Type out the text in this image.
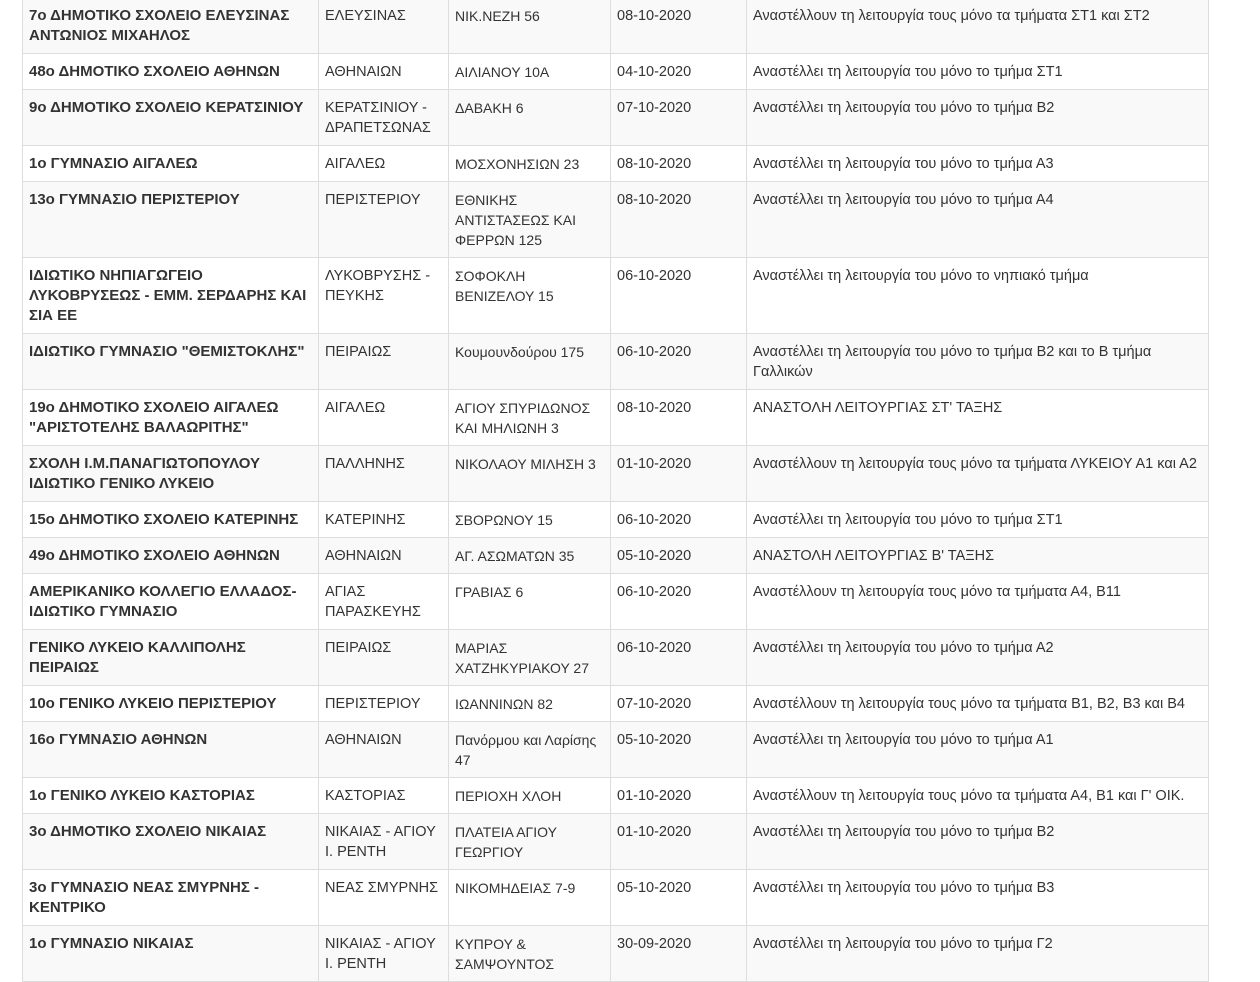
7ο ΔΗΜΟΤΙΚΟ ΣΧΟΛΕΙΟ ΕΛΕΥΣΙΝΑΣ ΑΝΤΩΝΙΟΣ ΜΙΧΑΗΛΟΣ	ΕΛΕΥΣΙΝΑΣ	ΝΙΚ.ΝΕΖΗ 56	08-10-2020	Αναστέλλουν τη λειτουργία τους μόνο τα τμήματα ΣΤ1 και ΣΤ2
48ο ΔΗΜΟΤΙΚΟ ΣΧΟΛΕΙΟ ΑΘΗΝΩΝ	ΑΘΗΝΑΙΩΝ	ΑΙΛΙΑΝΟΥ 10Α	04-10-2020	Αναστέλλει τη λειτουργία του μόνο το τμήμα ΣΤ1
9ο ΔΗΜΟΤΙΚΟ ΣΧΟΛΕΙΟ ΚΕΡΑΤΣΙΝΙΟΥ	ΚΕΡΑΤΣΙΝΙΟΥ - ΔΡΑΠΕΤΣΩΝΑΣ	ΔΑΒΑΚΗ 6	07-10-2020	Αναστέλλει τη λειτουργία του μόνο το τμήμα Β2
1ο ΓΥΜΝΑΣΙΟ ΑΙΓΑΛΕΩ	ΑΙΓΑΛΕΩ	ΜΟΣΧΟΝΗΣΙΩΝ 23	08-10-2020	Αναστέλλει τη λειτουργία του μόνο το τμήμα Α3
13ο ΓΥΜΝΑΣΙΟ ΠΕΡΙΣΤΕΡΙΟΥ	ΠΕΡΙΣΤΕΡΙΟΥ	ΕΘΝΙΚΗΣ ΑΝΤΙΣΤΑΣΕΩΣ ΚΑΙ ΦΕΡΡΩΝ 125	08-10-2020	Αναστέλλει τη λειτουργία του μόνο το τμήμα Α4
ΙΔΙΩΤΙΚΟ ΝΗΠΙΑΓΩΓΕΙΟ ΛΥΚΟΒΡΥΣΕΩΣ - ΕΜΜ. ΣΕΡΔΑΡΗΣ ΚΑΙ ΣΙΑ ΕΕ	ΛΥΚΟΒΡΥΣΗΣ - ΠΕΥΚΗΣ	ΣΟΦΟΚΛΗ ΒΕΝΙΖΕΛΟΥ 15	06-10-2020	Αναστέλλει τη λειτουργία του μόνο το νηπιακό τμήμα
ΙΔΙΩΤΙΚΟ ΓΥΜΝΑΣΙΟ "ΘΕΜΙΣΤΟΚΛΗΣ"	ΠΕΙΡΑΙΩΣ	Κουμουνδούρου 175	06-10-2020	Αναστέλλει τη λειτουργία του μόνο το τμήμα Β2 και το Β τμήμα Γαλλικών
19ο ΔΗΜΟΤΙΚΟ ΣΧΟΛΕΙΟ ΑΙΓΑΛΕΩ "ΑΡΙΣΤΟΤΕΛΗΣ ΒΑΛΑΩΡΙΤΗΣ"	ΑΙΓΑΛΕΩ	ΑΓΙΟΥ ΣΠΥΡΙΔΩΝΟΣ ΚΑΙ ΜΗΛΙΩΝΗ 3	08-10-2020	ΑΝΑΣΤΟΛΗ ΛΕΙΤΟΥΡΓΙΑΣ ΣΤ' ΤΑΞΗΣ
ΣΧΟΛΗ Ι.Μ.ΠΑΝΑΓΙΩΤΟΠΟΥΛΟΥ ΙΔΙΩΤΙΚΟ ΓΕΝΙΚΟ ΛΥΚΕΙΟ	ΠΑΛΛΗΝΗΣ	ΝΙΚΟΛΑΟΥ ΜΙΛΗΣΗ 3	01-10-2020	Αναστέλλουν τη λειτουργία τους μόνο τα τμήματα ΛΥΚΕΙΟΥ Α1 και Α2
15ο ΔΗΜΟΤΙΚΟ ΣΧΟΛΕΙΟ ΚΑΤΕΡΙΝΗΣ	ΚΑΤΕΡΙΝΗΣ	ΣΒΟΡΩΝΟΥ 15	06-10-2020	Αναστέλλει τη λειτουργία του μόνο το τμήμα ΣΤ1
49ο ΔΗΜΟΤΙΚΟ ΣΧΟΛΕΙΟ ΑΘΗΝΩΝ	ΑΘΗΝΑΙΩΝ	ΑΓ. ΑΣΩΜΑΤΩΝ 35	05-10-2020	ΑΝΑΣΤΟΛΗ ΛΕΙΤΟΥΡΓΙΑΣ Β' ΤΑΞΗΣ
ΑΜΕΡΙΚΑΝΙΚΟ ΚΟΛΛΕΓΙΟ ΕΛΛΑΔΟΣ-ΙΔΙΩΤΙΚΟ ΓΥΜΝΑΣΙΟ	ΑΓΙΑΣ ΠΑΡΑΣΚΕΥΗΣ	ΓΡΑΒΙΑΣ 6	06-10-2020	Αναστέλλουν τη λειτουργία τους μόνο τα τμήματα Α4, Β11
ΓΕΝΙΚΟ ΛΥΚΕΙΟ ΚΑΛΛΙΠΟΛΗΣ ΠΕΙΡΑΙΩΣ	ΠΕΙΡΑΙΩΣ	ΜΑΡΙΑΣ ΧΑΤΖΗΚΥΡΙΑΚΟΥ 27	06-10-2020	Αναστέλλει τη λειτουργία του μόνο το τμήμα Α2
10ο ΓΕΝΙΚΟ ΛΥΚΕΙΟ ΠΕΡΙΣΤΕΡΙΟΥ	ΠΕΡΙΣΤΕΡΙΟΥ	ΙΩΑΝΝΙΝΩΝ 82	07-10-2020	Αναστέλλουν τη λειτουργία τους μόνο τα τμήματα Β1, Β2, Β3 και Β4
16ο ΓΥΜΝΑΣΙΟ ΑΘΗΝΩΝ	ΑΘΗΝΑΙΩΝ	Πανόρμου και Λαρίσης 47	05-10-2020	Αναστέλλει τη λειτουργία του μόνο το τμήμα Α1
1ο ΓΕΝΙΚΟ ΛΥΚΕΙΟ ΚΑΣΤΟΡΙΑΣ	ΚΑΣΤΟΡΙΑΣ	ΠΕΡΙΟΧΗ ΧΛΟΗ	01-10-2020	Αναστέλλουν τη λειτουργία τους μόνο τα τμήματα Α4, Β1 και Γ' ΟΙΚ.
3ο ΔΗΜΟΤΙΚΟ ΣΧΟΛΕΙΟ ΝΙΚΑΙΑΣ	ΝΙΚΑΙΑΣ - ΑΓΙΟΥ Ι. ΡΕΝΤΗ	ΠΛΑΤΕΙΑ ΑΓΙΟΥ ΓΕΩΡΓΙΟΥ	01-10-2020	Αναστέλλει τη λειτουργία του μόνο το τμήμα Β2
3ο ΓΥΜΝΑΣΙΟ ΝΕΑΣ ΣΜΥΡΝΗΣ - ΚΕΝΤΡΙΚΟ	ΝΕΑΣ ΣΜΥΡΝΗΣ	ΝΙΚΟΜΗΔΕΙΑΣ 7-9	05-10-2020	Αναστέλλει τη λειτουργία του μόνο το τμήμα Β3
1ο ΓΥΜΝΑΣΙΟ ΝΙΚΑΙΑΣ	ΝΙΚΑΙΑΣ - ΑΓΙΟΥ Ι. ΡΕΝΤΗ	ΚΥΠΡΟΥ & ΣΑΜΨΟΥΝΤΟΣ	30-09-2020	Αναστέλλει τη λειτουργία του μόνο το τμήμα Γ2
